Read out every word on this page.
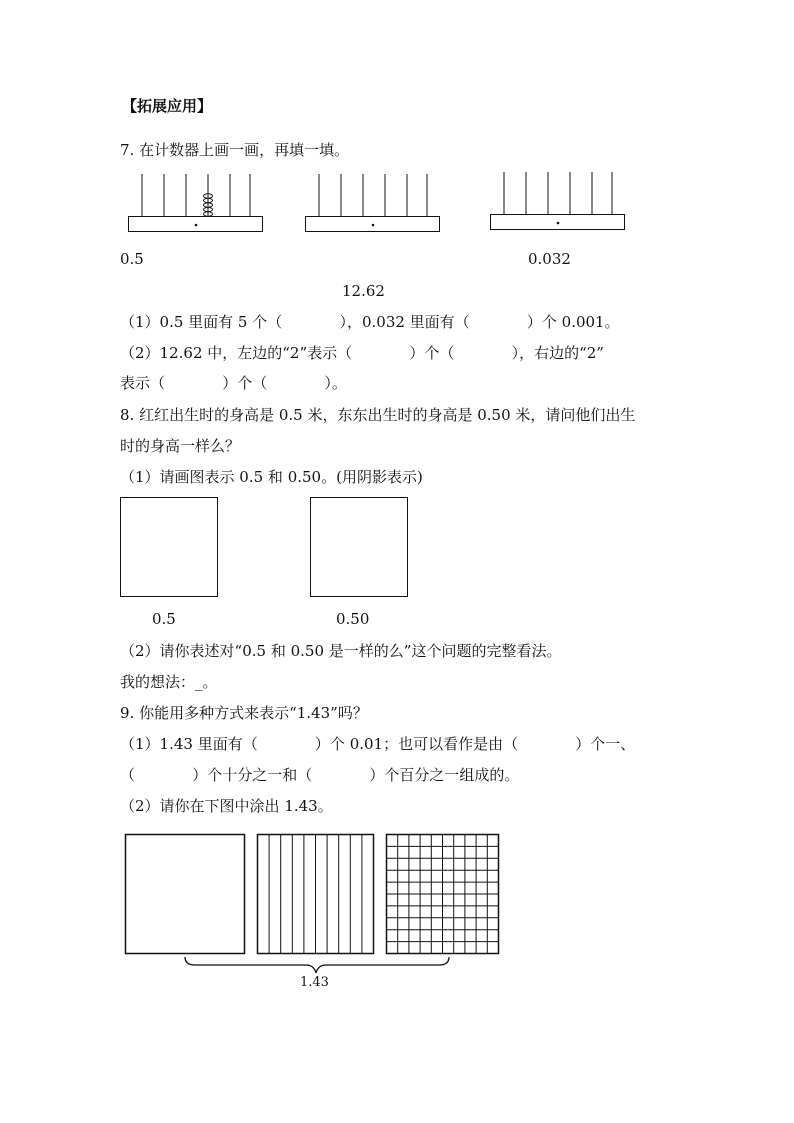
【拓展应用】
7. 在计数器上画一画，再填一填。
0.5
12.62
0.032
（1）0.5 里面有 5 个（            ），0.032 里面有（            ）个 0.001。
（2）12.62 中，左边的“2”表示（            ）个（            ），右边的“2”
表示（            ）个（            ）。
8. 红红出生时的身高是 0.5 米，东东出生时的身高是 0.50 米，请问他们出生
时的身高一样么？
（1）请画图表示 0.5 和 0.50。(用阴影表示)
0.5	0.50
（2）请你表述对“0.5 和 0.50 是一样的么”这个问题的完整看法。
我的想法：_。
9. 你能用多种方式来表示“1.43”吗？
（1）1.43 里面有（            ）个 0.01；也可以看作是由（            ）个一、
（            ）个十分之一和（            ）个百分之一组成的。
（2）请你在下图中涂出 1.43。
1.43
